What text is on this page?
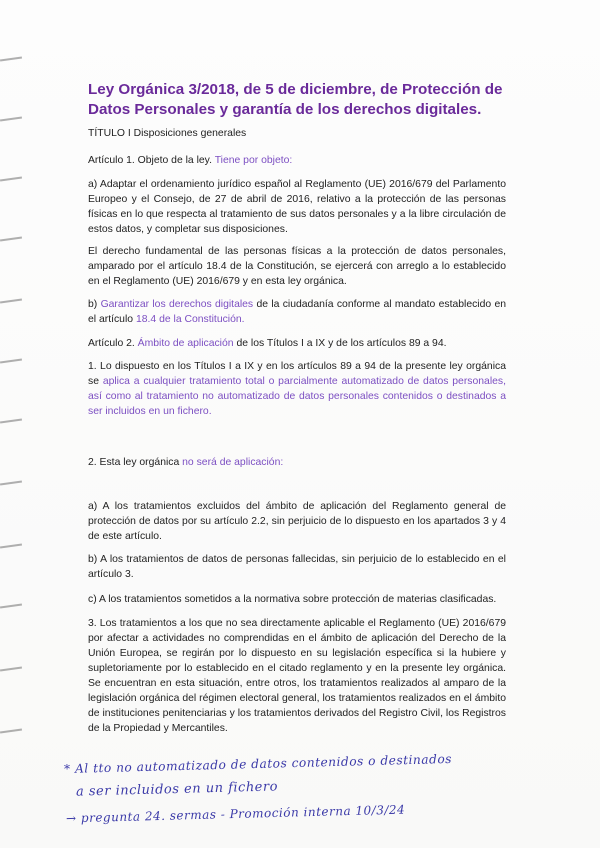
Ley Orgánica 3/2018, de 5 de diciembre, de Protección de Datos Personales y garantía de los derechos digitales.
TÍTULO I Disposiciones generales
Artículo 1. Objeto de la ley. Tiene por objeto:
a) Adaptar el ordenamiento jurídico español al Reglamento (UE) 2016/679 del Parlamento Europeo y el Consejo, de 27 de abril de 2016, relativo a la protección de las personas físicas en lo que respecta al tratamiento de sus datos personales y a la libre circulación de estos datos, y completar sus disposiciones.
El derecho fundamental de las personas físicas a la protección de datos personales, amparado por el artículo 18.4 de la Constitución, se ejercerá con arreglo a lo establecido en el Reglamento (UE) 2016/679 y en esta ley orgánica.
b) Garantizar los derechos digitales de la ciudadanía conforme al mandato establecido en el artículo 18.4 de la Constitución.
Artículo 2. Ámbito de aplicación de los Títulos I a IX y de los artículos 89 a 94.
1. Lo dispuesto en los Títulos I a IX y en los artículos 89 a 94 de la presente ley orgánica se aplica a cualquier tratamiento total o parcialmente automatizado de datos personales, así como al tratamiento no automatizado de datos personales contenidos o destinados a ser incluidos en un fichero.
2. Esta ley orgánica no será de aplicación:
a) A los tratamientos excluidos del ámbito de aplicación del Reglamento general de protección de datos por su artículo 2.2, sin perjuicio de lo dispuesto en los apartados 3 y 4 de este artículo.
b) A los tratamientos de datos de personas fallecidas, sin perjuicio de lo establecido en el artículo 3.
c) A los tratamientos sometidos a la normativa sobre protección de materias clasificadas.
3. Los tratamientos a los que no sea directamente aplicable el Reglamento (UE) 2016/679 por afectar a actividades no comprendidas en el ámbito de aplicación del Derecho de la Unión Europea, se regirán por lo dispuesto en su legislación específica si la hubiere y supletoriamente por lo establecido en el citado reglamento y en la presente ley orgánica. Se encuentran en esta situación, entre otros, los tratamientos realizados al amparo de la legislación orgánica del régimen electoral general, los tratamientos realizados en el ámbito de instituciones penitenciarias y los tratamientos derivados del Registro Civil, los Registros de la Propiedad y Mercantiles.
* Al tto no automatizado de datos contenidos o destinados
a ser incluidos en un fichero
→ pregunta 24. sermas - Promoción interna 10/3/24
